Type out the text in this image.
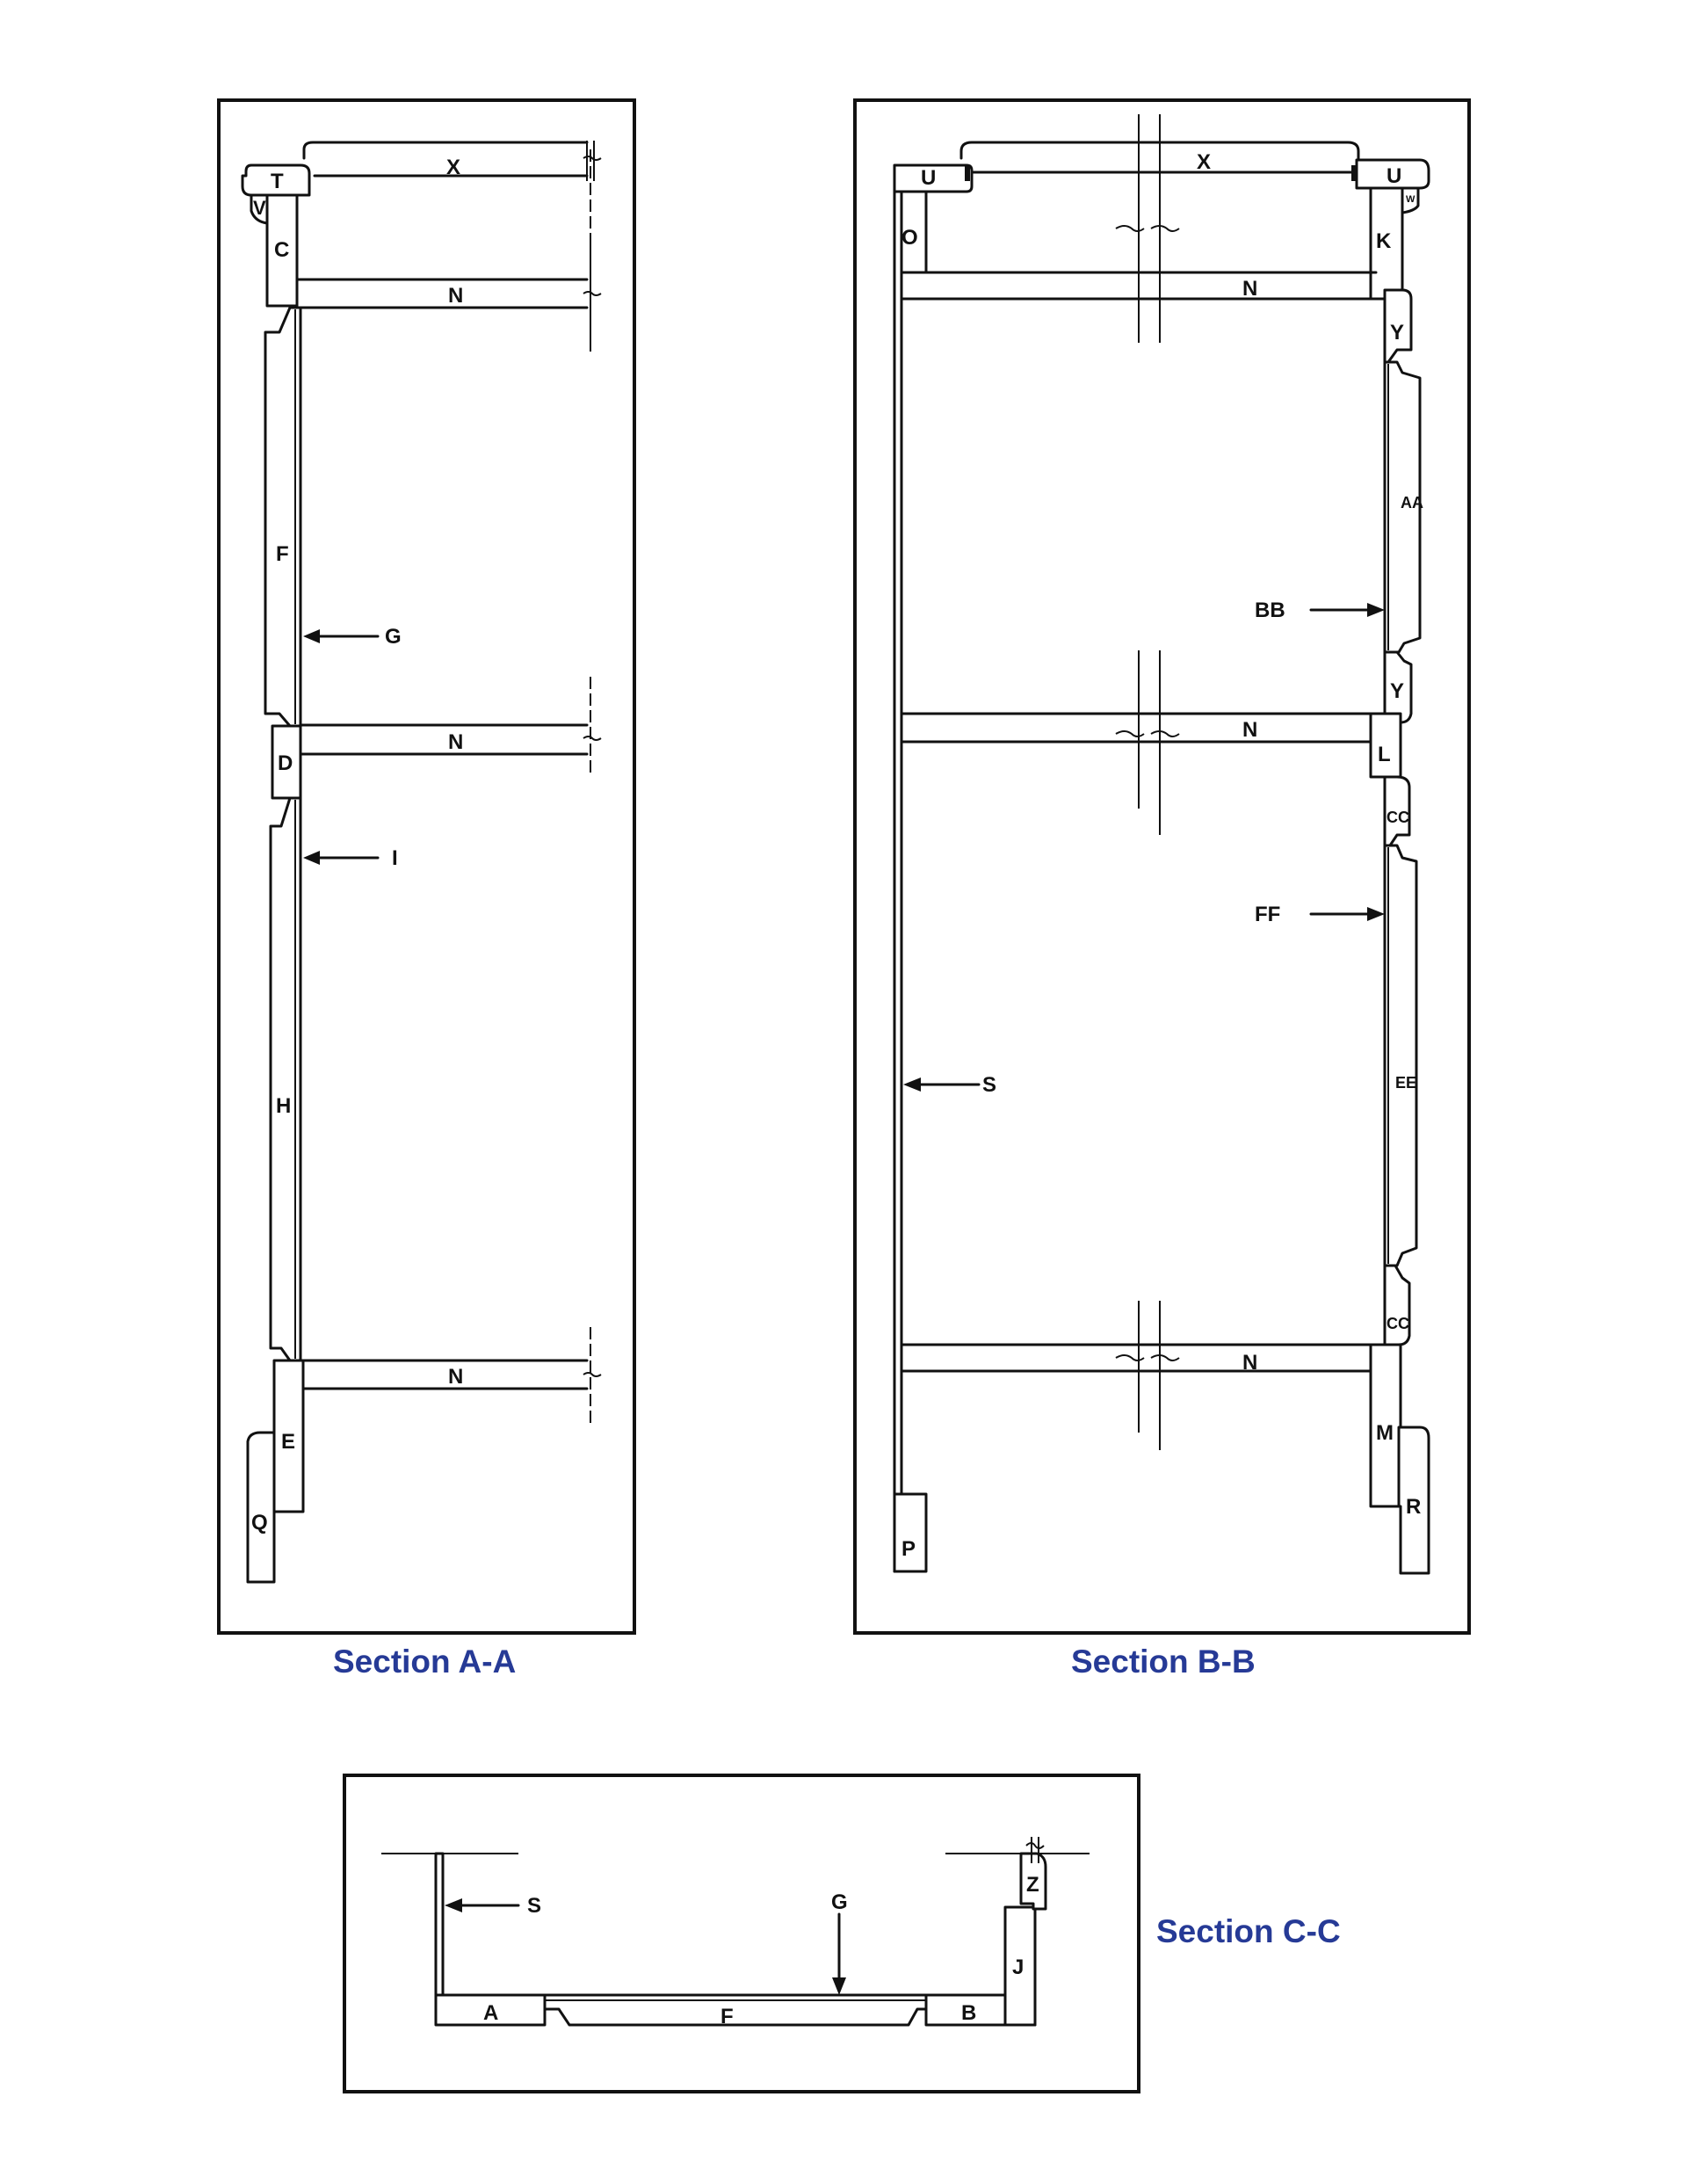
T
V
X
C
N
F
G
N
D
I
H
N
E
Q
U
X
U
O	K
W
N
Y
AA
BB
Y
N
L
CC
FF
S	EE
CC
N
M
R
P
S	G
Z
J
A	F	B
Section A-A	Section B-B
Section C-C
